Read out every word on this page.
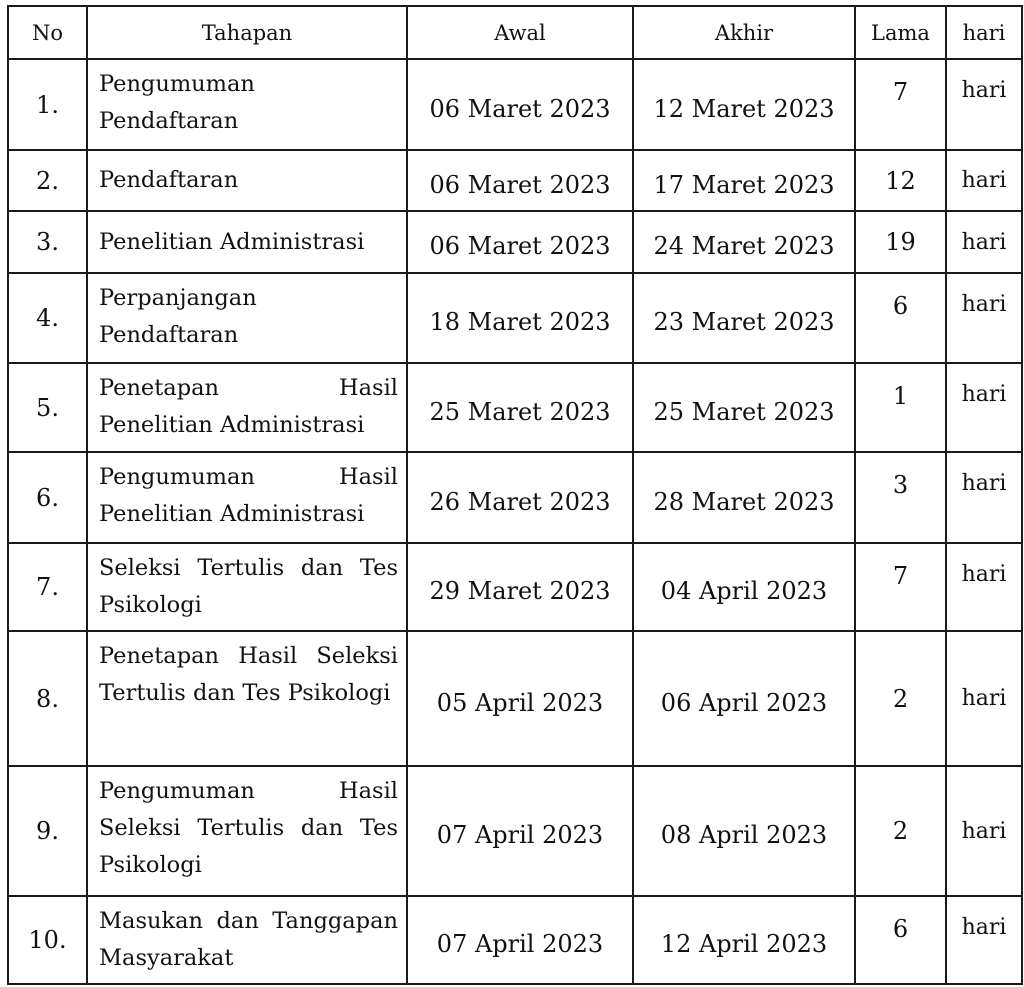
No	Tahapan	Awal	Akhir	Lama	hari
1.	Pengumuman Pendaftaran	06 Maret 2023	12 Maret 2023	7	hari
2.	Pendaftaran	06 Maret 2023	17 Maret 2023	12	hari
3.	Penelitian Administrasi	06 Maret 2023	24 Maret 2023	19	hari
4.	Perpanjangan Pendaftaran	18 Maret 2023	23 Maret 2023	6	hari
5.	Penetapan Hasil Penelitian Administrasi	25 Maret 2023	25 Maret 2023	1	hari
6.	Pengumuman Hasil Penelitian Administrasi	26 Maret 2023	28 Maret 2023	3	hari
7.	Seleksi Tertulis dan Tes Psikologi	29 Maret 2023	04 April 2023	7	hari
8.	Penetapan Hasil Seleksi Tertulis dan Tes Psikologi	05 April 2023	06 April 2023	2	hari
9.	Pengumuman Hasil Seleksi Tertulis dan Tes Psikologi	07 April 2023	08 April 2023	2	hari
10.	Masukan dan Tanggapan Masyarakat	07 April 2023	12 April 2023	6	hari
